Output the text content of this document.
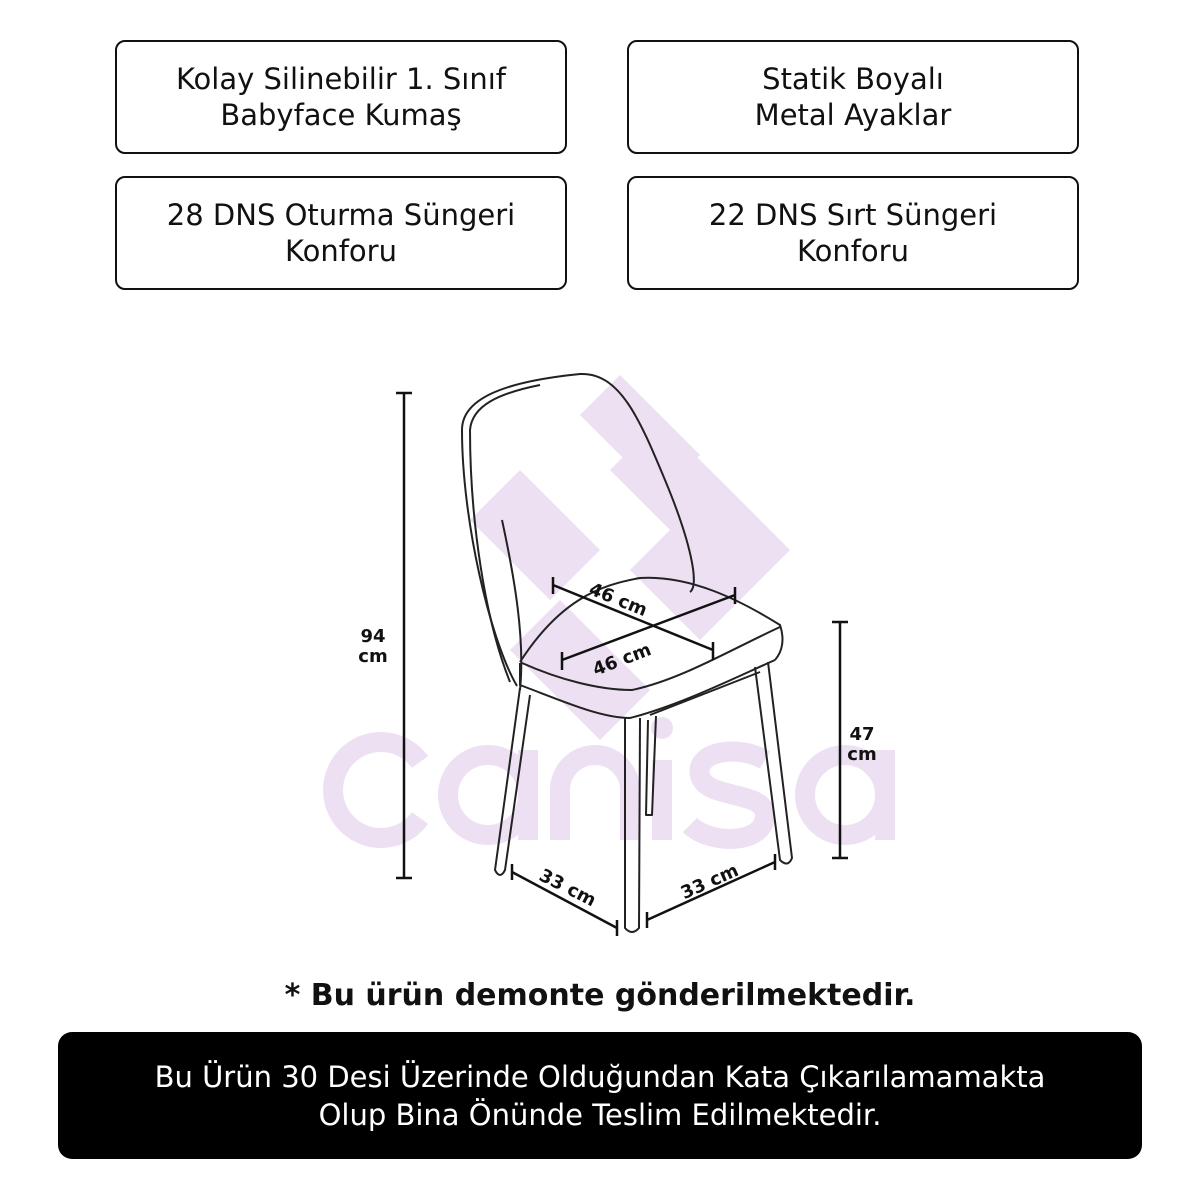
Kolay Silinebilir 1. Sınıf
Babyface Kumaş
Statik Boyalı
Metal Ayaklar
28 DNS Oturma Süngeri
Konforu
22 DNS Sırt Süngeri
Konforu
94
cm
47
cm
46 cm
46 cm
33 cm	33 cm
* Bu ürün demonte gönderilmektedir.
Bu Ürün 30 Desi Üzerinde Olduğundan Kata Çıkarılamamakta
Olup Bina Önünde Teslim Edilmektedir.
